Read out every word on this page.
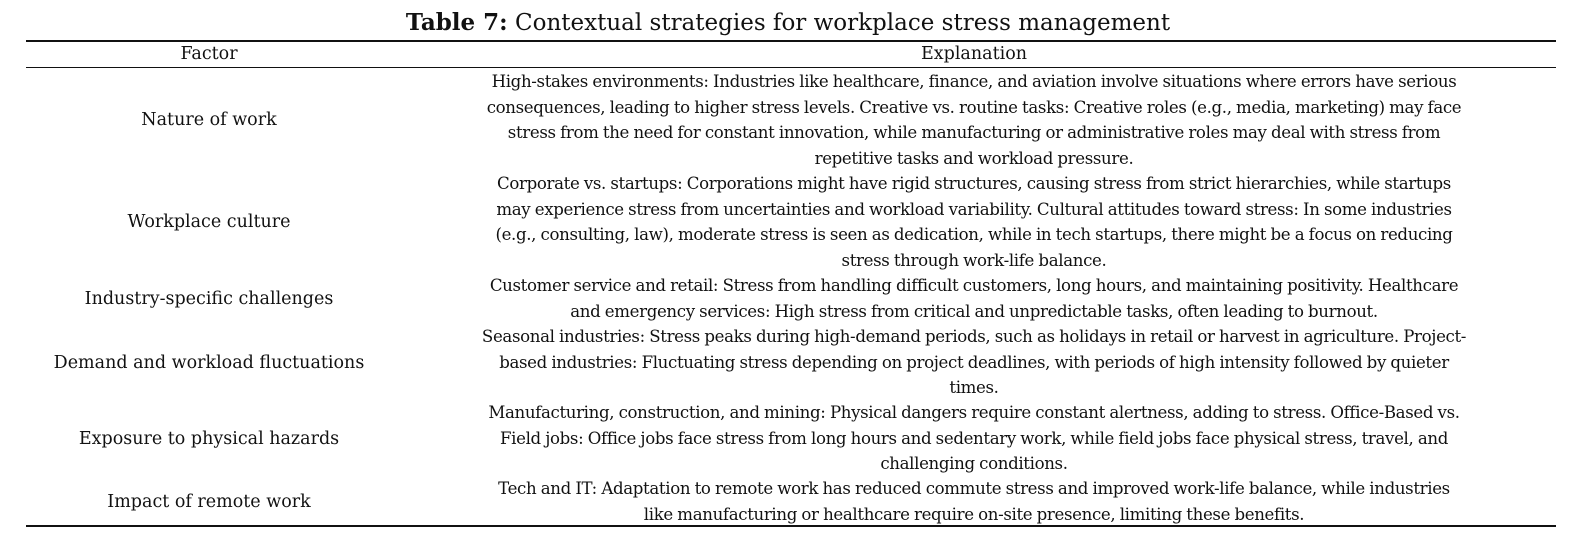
Table 7: Contextual strategies for workplace stress management
Factor	Explanation
Nature of work
High-stakes environments: Industries like healthcare, finance, and aviation involve situations where errors have serious
consequences, leading to higher stress levels. Creative vs. routine tasks: Creative roles (e.g., media, marketing) may face
stress from the need for constant innovation, while manufacturing or administrative roles may deal with stress from
repetitive tasks and workload pressure.
Workplace culture
Corporate vs. startups: Corporations might have rigid structures, causing stress from strict hierarchies, while startups
may experience stress from uncertainties and workload variability. Cultural attitudes toward stress: In some industries
(e.g., consulting, law), moderate stress is seen as dedication, while in tech startups, there might be a focus on reducing
stress through work-life balance.
Industry-specific challenges
Customer service and retail: Stress from handling difficult customers, long hours, and maintaining positivity. Healthcare
and emergency services: High stress from critical and unpredictable tasks, often leading to burnout.
Demand and workload fluctuations
Seasonal industries: Stress peaks during high-demand periods, such as holidays in retail or harvest in agriculture. Project-
based industries: Fluctuating stress depending on project deadlines, with periods of high intensity followed by quieter
times.
Exposure to physical hazards
Manufacturing, construction, and mining: Physical dangers require constant alertness, adding to stress. Office-Based vs.
Field jobs: Office jobs face stress from long hours and sedentary work, while field jobs face physical stress, travel, and
challenging conditions.
Impact of remote work
Tech and IT: Adaptation to remote work has reduced commute stress and improved work-life balance, while industries
like manufacturing or healthcare require on-site presence, limiting these benefits.
